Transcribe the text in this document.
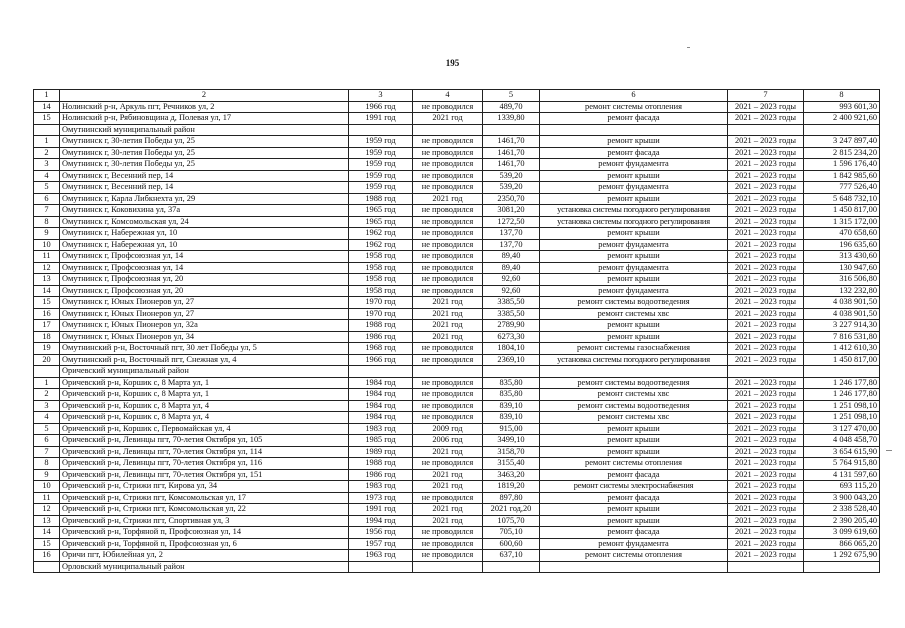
195
1	2	3	4	5	6	7	8
14	Нолинский р-н, Аркуль пгт, Речников ул, 2	1966 год	не проводился	489,70	ремонт системы отопления	2021 – 2023 годы	993 601,30
15	Нолинский р-н, Рябиновщина д, Полевая ул, 17	1991 год	2021 год	1339,80	ремонт фасада	2021 – 2023 годы	2 400 921,60
	Омутнинский муниципальный район						
1	Омутнинск г, 30-летия Победы ул, 25	1959 год	не проводился	1461,70	ремонт крыши	2021 – 2023 годы	3 247 897,40
2	Омутнинск г, 30-летия Победы ул, 25	1959 год	не проводился	1461,70	ремонт фасада	2021 – 2023 годы	2 815 234,20
3	Омутнинск г, 30-летия Победы ул, 25	1959 год	не проводился	1461,70	ремонт фундамента	2021 – 2023 годы	1 596 176,40
4	Омутнинск г, Весенний пер, 14	1959 год	не проводился	539,20	ремонт крыши	2021 – 2023 годы	1 842 985,60
5	Омутнинск г, Весенний пер, 14	1959 год	не проводился	539,20	ремонт фундамента	2021 – 2023 годы	777 526,40
6	Омутнинск г, Карла Либкнехта ул, 29	1988 год	2021 год	2350,70	ремонт крыши	2021 – 2023 годы	5 648 732,10
7	Омутнинск г, Коковихина ул, 37а	1965 год	не проводился	3081,20	установка системы погодного регулирования	2021 – 2023 годы	1 450 817,00
8	Омутнинск г, Комсомольская ул, 24	1965 год	не проводился	1272,50	установка системы погодного регулирования	2021 – 2023 годы	1 315 172,00
9	Омутнинск г, Набережная ул, 10	1962 год	не проводился	137,70	ремонт крыши	2021 – 2023 годы	470 658,60
10	Омутнинск г, Набережная ул, 10	1962 год	не проводился	137,70	ремонт фундамента	2021 – 2023 годы	196 635,60
11	Омутнинск г, Профсоюзная ул, 14	1958 год	не проводился	89,40	ремонт крыши	2021 – 2023 годы	313 430,60
12	Омутнинск г, Профсоюзная ул, 14	1958 год	не проводился	89,40	ремонт фундамента	2021 – 2023 годы	130 947,60
13	Омутнинск г, Профсоюзная ул, 20	1958 год	не проводился	92,60	ремонт крыши	2021 – 2023 годы	316 506,80
14	Омутнинск г, Профсоюзная ул, 20	1958 год	не проводился	92,60	ремонт фундамента	2021 – 2023 годы	132 232,80
15	Омутнинск г, Юных Пионеров ул, 27	1970 год	2021 год	3385,50	ремонт системы водоотведения	2021 – 2023 годы	4 038 901,50
16	Омутнинск г, Юных Пионеров ул, 27	1970 год	2021 год	3385,50	ремонт системы хвс	2021 – 2023 годы	4 038 901,50
17	Омутнинск г, Юных Пионеров ул, 32а	1988 год	2021 год	2789,90	ремонт крыши	2021 – 2023 годы	3 227 914,30
18	Омутнинск г, Юных Пионеров ул, 34	1986 год	2021 год	6273,30	ремонт крыши	2021 – 2023 годы	7 816 531,80
19	Омутнинский р-н, Восточный пгт, 30 лет Победы ул, 5	1968 год	не проводился	1804,10	ремонт системы газоснабжения	2021 – 2023 годы	1 412 610,30
20	Омутнинский р-н, Восточный пгт, Снежная ул, 4	1966 год	не проводился	2369,10	установка системы погодного регулирования	2021 – 2023 годы	1 450 817,00
	Оричевский муниципальный район						
1	Оричевский р-н, Коршик с, 8 Марта ул, 1	1984 год	не проводился	835,80	ремонт системы водоотведения	2021 – 2023 годы	1 246 177,80
2	Оричевский р-н, Коршик с, 8 Марта ул, 1	1984 год	не проводился	835,80	ремонт системы хвс	2021 – 2023 годы	1 246 177,80
3	Оричевский р-н, Коршик с, 8 Марта ул, 4	1984 год	не проводился	839,10	ремонт системы водоотведения	2021 – 2023 годы	1 251 098,10
4	Оричевский р-н, Коршик с, 8 Марта ул, 4	1984 год	не проводился	839,10	ремонт системы хвс	2021 – 2023 годы	1 251 098,10
5	Оричевский р-н, Коршик с, Первомайская ул, 4	1983 год	2009 год	915,00	ремонт крыши	2021 – 2023 годы	3 127 470,00
6	Оричевский р-н, Левинцы пгт, 70-летия Октября ул, 105	1985 год	2006 год	3499,10	ремонт крыши	2021 – 2023 годы	4 048 458,70
7	Оричевский р-н, Левинцы пгт, 70-летия Октября ул, 114	1989 год	2021 год	3158,70	ремонт крыши	2021 – 2023 годы	3 654 615,90
8	Оричевский р-н, Левинцы пгт, 70-летия Октября ул, 116	1988 год	не проводился	3155,40	ремонт системы отопления	2021 – 2023 годы	5 764 915,80
9	Оричевский р-н, Левинцы пгт, 70-летия Октября ул, 151	1986 год	2021 год	3463,20	ремонт фасада	2021 – 2023 годы	4 131 597,60
10	Оричевский р-н, Стрижи пгт, Кирова ул, 34	1983 год	2021 год	1819,20	ремонт системы электроснабжения	2021 – 2023 годы	693 115,20
11	Оричевский р-н, Стрижи пгт, Комсомольская ул, 17	1973 год	не проводился	897,80	ремонт фасада	2021 – 2023 годы	3 900 043,20
12	Оричевский р-н, Стрижи пгт, Комсомольская ул, 22	1991 год	2021 год	2021 год,20	ремонт крыши	2021 – 2023 годы	2 338 528,40
13	Оричевский р-н, Стрижи пгт, Спортивная ул, 3	1994 год	2021 год	1075,70	ремонт крыши	2021 – 2023 годы	2 390 205,40
14	Оричевский р-н, Торфяной п, Профсоюзная ул, 14	1956 год	не проводился	705,10	ремонт фасада	2021 – 2023 годы	3 099 619,60
15	Оричевский р-н, Торфяной п, Профсоюзная ул, 6	1957 год	не проводился	600,60	ремонт фундамента	2021 – 2023 годы	866 065,20
16	Оричи пгт, Юбилейная ул, 2	1963 год	не проводился	637,10	ремонт системы отопления	2021 – 2023 годы	1 292 675,90
	Орловский муниципальный район						
